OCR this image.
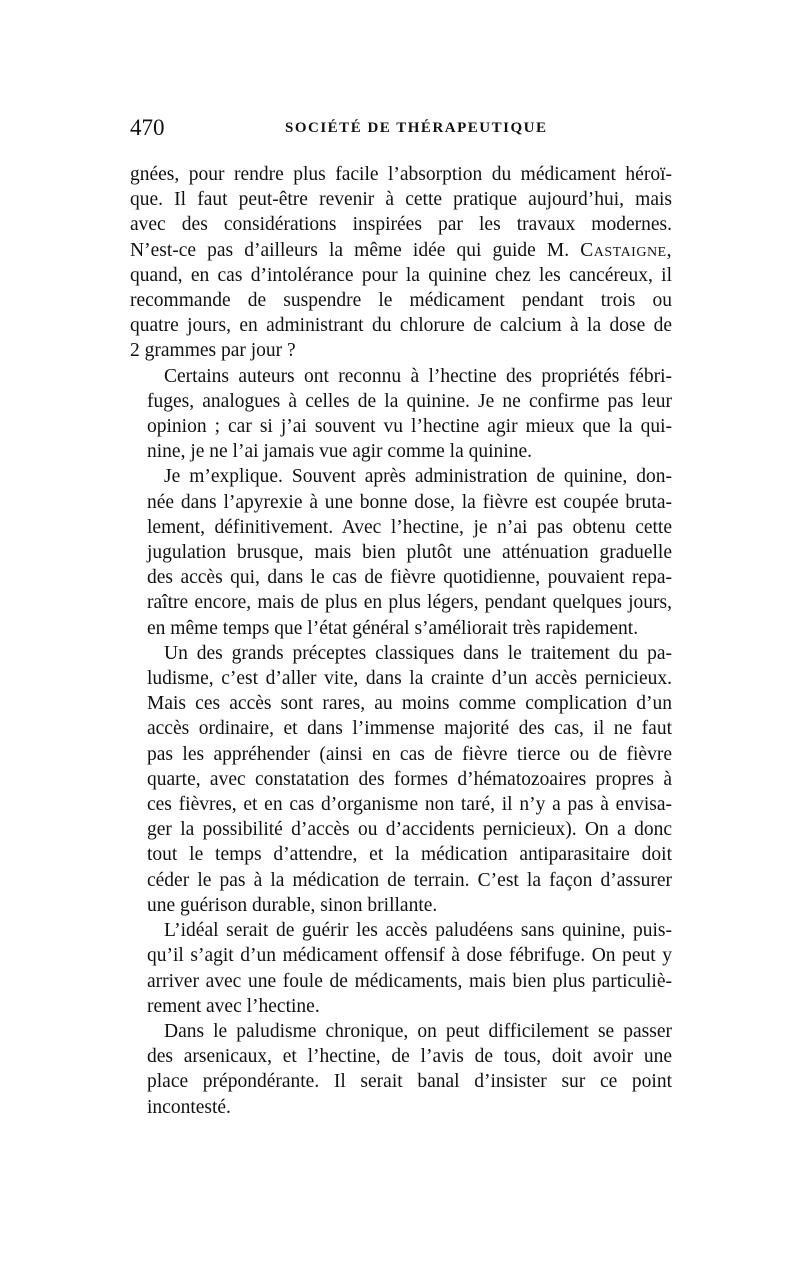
470	SOCIÉTÉ DE THÉRAPEUTIQUE

gnées, pour rendre plus facile l’absorption du médicament héroï-
que. Il faut peut-être revenir à cette pratique aujourd’hui, mais
avec des considérations inspirées par les travaux modernes.
N’est-ce pas d’ailleurs la même idée qui guide M. Castaigne,
quand, en cas d’intolérance pour la quinine chez les cancéreux, il
recommande de suspendre le médicament pendant trois ou
quatre jours, en administrant du chlorure de calcium à la dose de
2 grammes par jour ?

Certains auteurs ont reconnu à l’hectine des propriétés fébri-
fuges, analogues à celles de la quinine. Je ne confirme pas leur
opinion ; car si j’ai souvent vu l’hectine agir mieux que la qui-
nine, je ne l’ai jamais vue agir comme la quinine.

Je m’explique. Souvent après administration de quinine, don-
née dans l’apyrexie à une bonne dose, la fièvre est coupée bruta-
lement, définitivement. Avec l’hectine, je n’ai pas obtenu cette
jugulation brusque, mais bien plutôt une atténuation graduelle
des accès qui, dans le cas de fièvre quotidienne, pouvaient repa-
raître encore, mais de plus en plus légers, pendant quelques jours,
en même temps que l’état général s’améliorait très rapidement.

Un des grands préceptes classiques dans le traitement du pa-
ludisme, c’est d’aller vite, dans la crainte d’un accès pernicieux.
Mais ces accès sont rares, au moins comme complication d’un
accès ordinaire, et dans l’immense majorité des cas, il ne faut
pas les appréhender (ainsi en cas de fièvre tierce ou de fièvre
quarte, avec constatation des formes d’hématozoaires propres à
ces fièvres, et en cas d’organisme non taré, il n’y a pas à envisa-
ger la possibilité d’accès ou d’accidents pernicieux). On a donc
tout le temps d’attendre, et la médication antiparasitaire doit
céder le pas à la médication de terrain. C’est la façon d’assurer
une guérison durable, sinon brillante.

L’idéal serait de guérir les accès paludéens sans quinine, puis-
qu’il s’agit d’un médicament offensif à dose fébrifuge. On peut y
arriver avec une foule de médicaments, mais bien plus particuliè-
rement avec l’hectine.

Dans le paludisme chronique, on peut difficilement se passer
des arsenicaux, et l’hectine, de l’avis de tous, doit avoir une
place prépondérante. Il serait banal d’insister sur ce point
incontesté.
